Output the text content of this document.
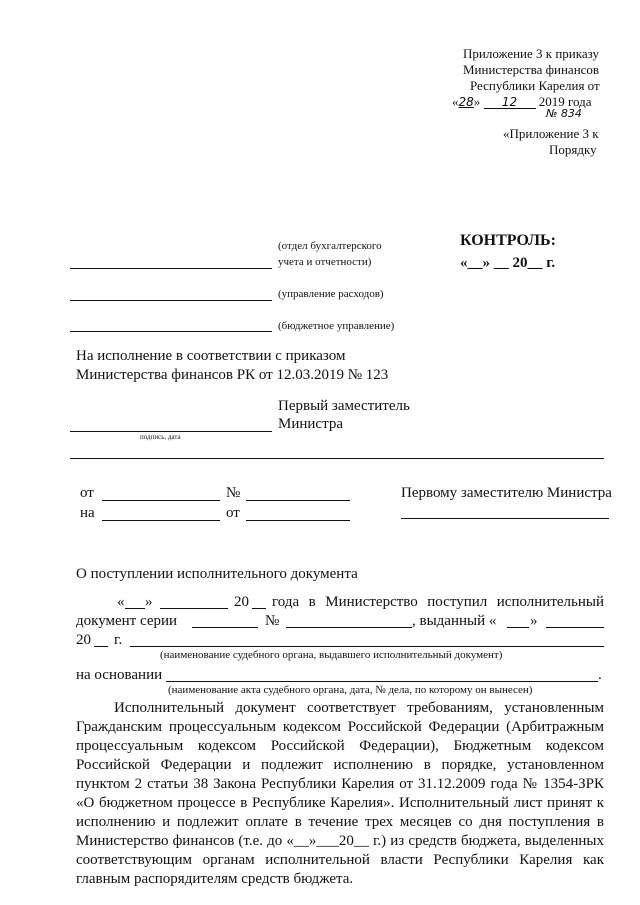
Приложение 3 к приказу
Министерства финансов
Республики Карелия от
«28» 12 2019 года
№ 834
«Приложение 3 к
Порядку
КОНТРОЛЬ:
«__» __ 20__ г.
(отдел бухгалтерского
учета и отчетности)
(управление расходов)
(бюджетное управление)
На исполнение в соответствии с приказом
Министерства финансов РК от 12.03.2019 № 123
Первый заместитель
Министра
подпись, дата
от	№
на	от
Первому заместителю Министра
О поступлении исполнительного документа
« »	20 года в Министерство поступил исполнительный
документ серии	№	, выданный « »
20 г.
(наименование судебного органа, выдавшего исполнительный документ)
на основании	.
(наименование акта судебного органа, дата, № дела, по которому он вынесен)
Исполнительный документ соответствует требованиям, установленным Гражданским процессуальным кодексом Российской Федерации (Арбитражным процессуальным кодексом Российской Федерации), Бюджетным кодексом Российской Федерации и подлежит исполнению в порядке, установленном пунктом 2 статьи 38 Закона Республики Карелия от 31.12.2009 года № 1354-ЗРК «О бюджетном процессе в Республике Карелия». Исполнительный лист принят к исполнению и подлежит оплате в течение трех месяцев со дня поступления в Министерство финансов (т.е. до «__»___20__ г.) из средств бюджета, выделенных соответствующим органам исполнительной власти Республики Карелия как главным распорядителям средств бюджета.
